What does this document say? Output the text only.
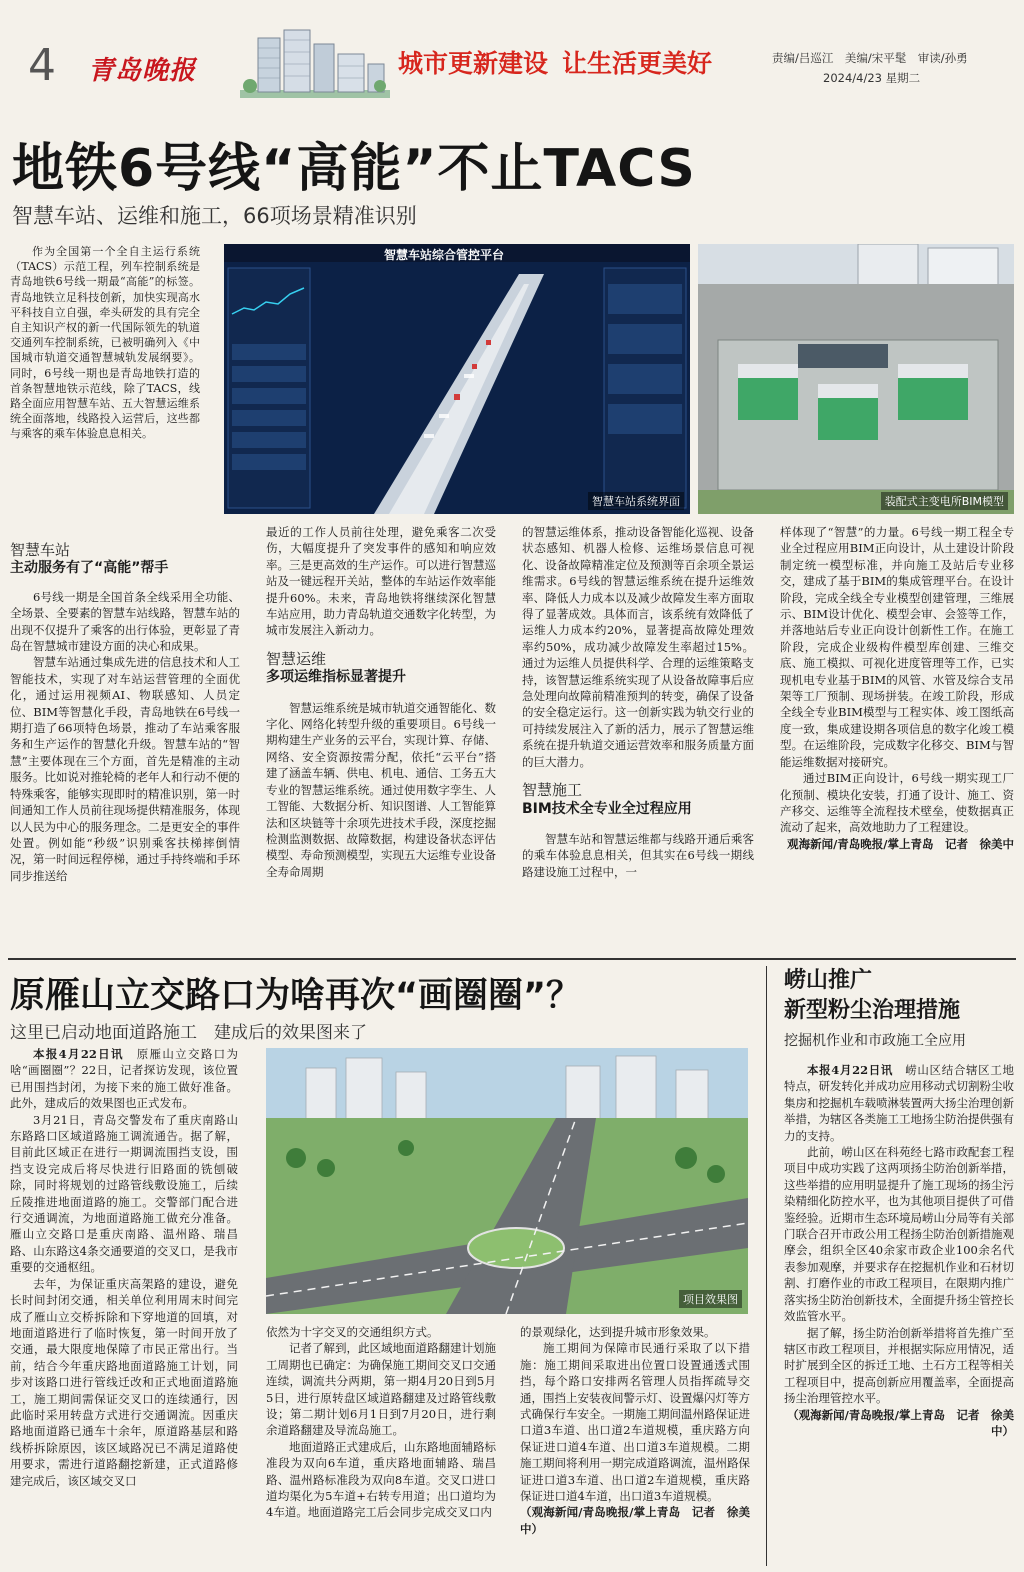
4 青岛晚报	城市更新建设 让生活更美好	责编/吕巡江　美编/宋平髦　审读/孙勇
2024/4/23 星期二
地铁6号线“高能”不止TACS
智慧车站、运维和施工，66项场景精准识别

作为全国第一个全自主运行系统（TACS）示范工程，列车控制系统是青岛地铁6号线一期最“高能”的标签。青岛地铁立足科技创新，加快实现高水平科技自立自强，牵头研发的具有完全自主知识产权的新一代国际领先的轨道交通列车控制系统，已被明确列入《中国城市轨道交通智慧城轨发展纲要》。同时，6号线一期也是青岛地铁打造的首条智慧地铁示范线，除了TACS，线路全面应用智慧车站、五大智慧运维系统全面落地，线路投入运营后，这些都与乘客的乘车体验息息相关。

智慧车站综合管控平台
智慧车站系统界面	装配式主变电所BIM模型
智慧车站
主动服务有了“高能”帮手

6号线一期是全国首条全线采用全功能、全场景、全要素的智慧车站线路，智慧车站的出现不仅提升了乘客的出行体验，更彰显了青岛在智慧城市建设方面的决心和成果。

智慧车站通过集成先进的信息技术和人工智能技术，实现了对车站运营管理的全面优化，通过运用视频AI、物联感知、人员定位、BIM等智慧化手段，青岛地铁在6号线一期打造了66项特色场景，推动了车站乘客服务和生产运作的智慧化升级。智慧车站的“智慧”主要体现在三个方面，首先是精准的主动服务。比如说对推轮椅的老年人和行动不便的特殊乘客，能够实现即时的精准识别，第一时间通知工作人员前往现场提供精准服务，体现以人民为中心的服务理念。二是更安全的事件处置。例如能“秒级”识别乘客扶梯摔倒情况，第一时间远程停梯，通过手持终端和手环同步推送给

最近的工作人员前往处理，避免乘客二次受伤，大幅度提升了突发事件的感知和响应效率。三是更高效的生产运作。可以进行智慧巡站及一键远程开关站，整体的车站运作效率能提升60%。未来，青岛地铁将继续深化智慧车站应用，助力青岛轨道交通数字化转型，为城市发展注入新动力。

智慧运维
多项运维指标显著提升

智慧运维系统是城市轨道交通智能化、数字化、网络化转型升级的重要项目。6号线一期构建生产业务的云平台，实现计算、存储、网络、安全资源按需分配，依托“云平台”搭建了涵盖车辆、供电、机电、通信、工务五大专业的智慧运维系统。通过使用数字孪生、人工智能、大数据分析、知识图谱、人工智能算法和区块链等十余项先进技术手段，深度挖掘检测监测数据、故障数据，构建设备状态评估模型、寿命预测模型，实现五大运维专业设备全寿命周期

的智慧运维体系，推动设备智能化巡视、设备状态感知、机器人检修、运维场景信息可视化、设备故障精准定位及预测等百余项全景运维需求。6号线的智慧运维系统在提升运维效率、降低人力成本以及减少故障发生率方面取得了显著成效。具体而言，该系统有效降低了运维人力成本约20%，显著提高故障处理效率约50%，成功减少故障发生率超过15%。通过为运维人员提供科学、合理的运维策略支持，该智慧运维系统实现了从设备故障事后应急处理向故障前精准预判的转变，确保了设备的安全稳定运行。这一创新实践为轨交行业的可持续发展注入了新的活力，展示了智慧运维系统在提升轨道交通运营效率和服务质量方面的巨大潜力。

智慧施工
BIM技术全专业全过程应用

智慧车站和智慧运维都与线路开通后乘客的乘车体验息息相关，但其实在6号线一期线路建设施工过程中，一

样体现了“智慧”的力量。6号线一期工程全专业全过程应用BIM正向设计，从土建设计阶段制定统一模型标准，并向施工及站后专业移交，建成了基于BIM的集成管理平台。在设计阶段，完成全线全专业模型创建管理，三维展示、BIM设计优化、模型会审、会签等工作，并落地站后专业正向设计创新性工作。在施工阶段，完成企业级构件模型库创建、三维交底、施工模拟、可视化进度管理等工作，已实现机电专业基于BIM的风管、水管及综合支吊架等工厂预制、现场拼装。在竣工阶段，形成全线全专业BIM模型与工程实体、竣工图纸高度一致，集成建设期各项信息的数字化竣工模型。在运维阶段，完成数字化移交、BIM与智能运维数据对接研究。

通过BIM正向设计，6号线一期实现工厂化预制、模块化安装，打通了设计、施工、资产移交、运维等全流程技术壁垒，使数据真正流动了起来，高效地助力了工程建设。

观海新闻/青岛晚报/掌上青岛　记者　徐美中

原雁山立交路口为啥再次“画圈圈”？
这里已启动地面道路施工　建成后的效果图来了

本报4月22日讯　 原雁山立交路口为啥“画圈圈”？22日，记者探访发现，该位置已用围挡封闭，为接下来的施工做好准备。此外，建成后的效果图也正式发布。

3月21日，青岛交警发布了重庆南路山东路路口区域道路施工调流通告。据了解，目前此区域正在进行一期调流围挡支设，围挡支设完成后将尽快进行旧路面的铣刨破除，同时将规划的过路管线敷设施工，后续丘陵推进地面道路的施工。交警部门配合进行交通调流，为地面道路施工做充分准备。雁山立交路口是重庆南路、温州路、瑞昌路、山东路这4条交通要道的交叉口，是我市重要的交通枢纽。

去年，为保证重庆高架路的建设，避免长时间封闭交通，相关单位利用周末时间完成了雁山立交桥拆除和下穿地道的回填，对地面道路进行了临时恢复，第一时间开放了交通，最大限度地保障了市民正常出行。当前，结合今年重庆路地面道路施工计划，同步对该路口进行管线迁改和正式地面道路施工，施工期间需保证交叉口的连续通行，因此临时采用转盘方式进行交通调流。因重庆路地面道路已通车十余年，原道路基层和路线桥拆除原因，该区域路况已不满足道路使用要求，需进行道路翻挖新建，正式道路修建完成后，该区域交叉口

项目效果图

依然为十字交叉的交通组织方式。

记者了解到，此区域地面道路翻建计划施工周期也已确定：为确保施工期间交叉口交通连续，调流共分两期，第一期4月20日到5月5日，进行原转盘区域道路翻建及过路管线敷设；第二期计划6月1日到7月20日，进行剩余道路翻建及导流岛施工。

地面道路正式建成后，山东路地面辅路标准段为双向6车道，重庆路地面辅路、瑞昌路、温州路标准段为双向8车道。交叉口进口道均渠化为5车道+右转专用道；出口道均为4车道。地面道路完工后会同步完成交叉口内

的景观绿化，达到提升城市形象效果。

施工期间为保障市民通行采取了以下措施：施工期间采取进出位置口设置通透式围挡，每个路口安排两名管理人员指挥疏导交通，围挡上安装夜间警示灯、设置爆闪灯等方式确保行车安全。一期施工期间温州路保证进口道3车道、出口道2车道规模，重庆路方向保证进口道4车道、出口道3车道规模。二期施工期间将利用一期完成道路调流，温州路保证进口道3车道、出口道2车道规模，重庆路保证进口道4车道，出口道3车道规模。

（观海新闻/青岛晚报/掌上青岛　记者　徐美中）

崂山推广
新型粉尘治理措施
挖掘机作业和市政施工全应用

本报4月22日讯　 崂山区结合辖区工地特点，研发转化并成功应用移动式切割粉尘收集房和挖掘机车载喷淋装置两大扬尘治理创新举措，为辖区各类施工工地扬尘防治提供强有力的支持。

此前，崂山区在科苑经七路市政配套工程项目中成功实践了这两项扬尘防治创新举措，这些举措的应用明显提升了施工现场的扬尘污染精细化防控水平，也为其他项目提供了可借鉴经验。近期市生态环境局崂山分局等有关部门联合召开市政公用工程扬尘防治创新措施观摩会，组织全区40余家市政企业100余名代表参加观摩，并要求存在挖掘机作业和石材切割、打磨作业的市政工程项目，在限期内推广落实扬尘防治创新技术，全面提升扬尘管控长效监管水平。

据了解，扬尘防治创新举措将首先推广至辖区市政工程项目，并根据实际应用情况，适时扩展到全区的拆迁工地、土石方工程等相关工程项目中，提高创新应用覆盖率，全面提高扬尘治理管控水平。

（观海新闻/青岛晚报/掌上青岛　记者　徐美中）
